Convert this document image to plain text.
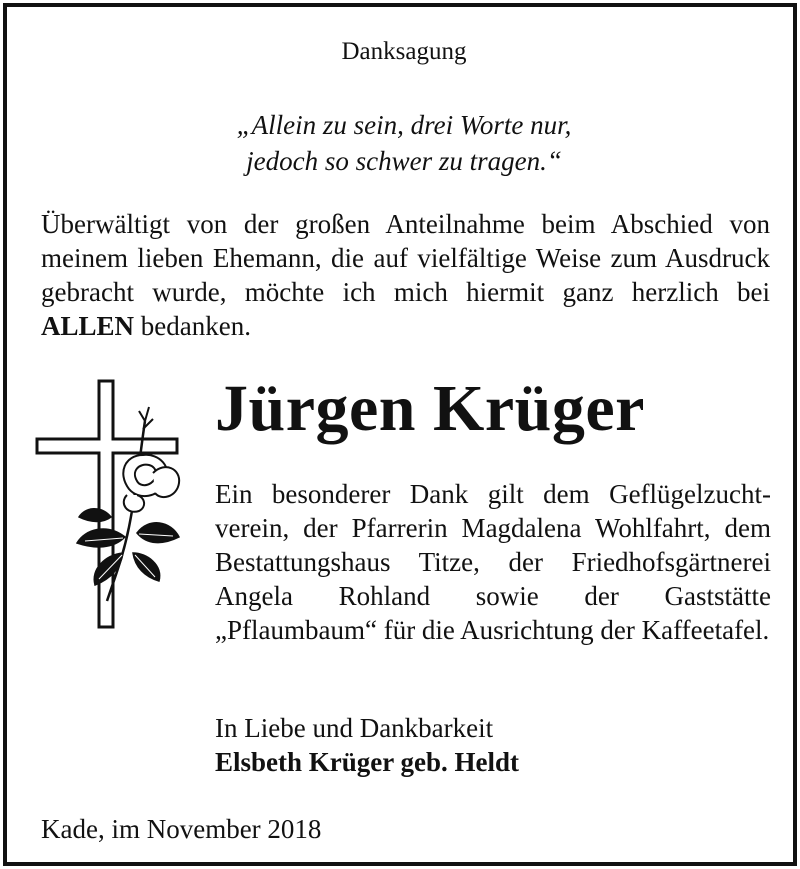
Danksagung
„Allein zu sein, drei Worte nur,
jedoch so schwer zu tragen.“
Überwältigt von der großen Anteilnahme beim Abschied von meinem lieben Ehemann, die auf vielfältige Weise zum Ausdruck gebracht wurde, möchte ich mich hiermit ganz herzlich bei ALLEN bedanken.
Jürgen Krüger
Ein besonderer Dank gilt dem Geflügelzuchtverein, der Pfarrerin Magdalena Wohlfahrt, dem Bestattungshaus Titze, der Friedhofsgärtnerei Angela Rohland sowie der Gaststätte „Pflaumbaum“ für die Ausrichtung der Kaffeetafel.
In Liebe und Dankbarkeit
Elsbeth Krüger geb. Heldt
Kade, im November 2018
